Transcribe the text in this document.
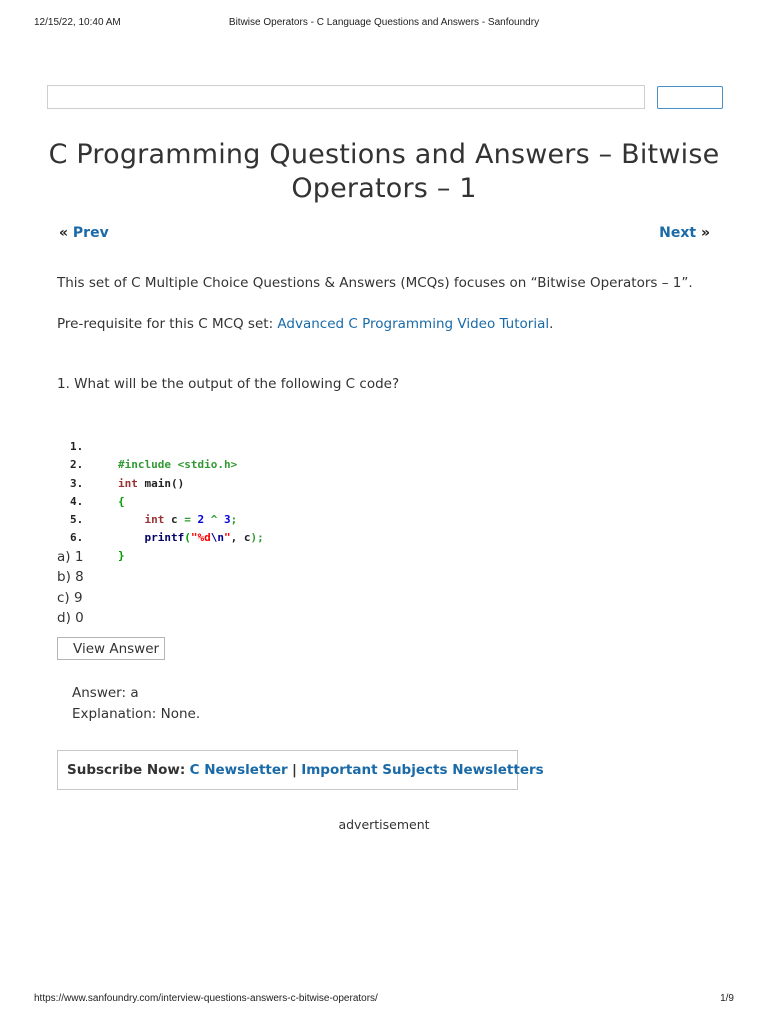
12/15/22, 10:40 AM	Bitwise Operators - C Language Questions and Answers - Sanfoundry
C Programming Questions and Answers – Bitwise Operators – 1
« Prev	Next »

This set of C Multiple Choice Questions & Answers (MCQs) focuses on “Bitwise Operators – 1”.

Pre-requisite for this C MCQ set: Advanced C Programming Video Tutorial.

1. What will be the output of the following C code?

1.

#include <stdio.h>

2.

int main()

3.

{

4.

int c = 2 ^ 3;

5.

printf("%d\n", c);

6.

}

a) 1
b) 8
c) 9
d) 0
View Answer
Answer: a
Explanation: None.
Subscribe Now: C Newsletter | Important Subjects Newsletters
advertisement
https://www.sanfoundry.com/interview-questions-answers-c-bitwise-operators/	1/9
